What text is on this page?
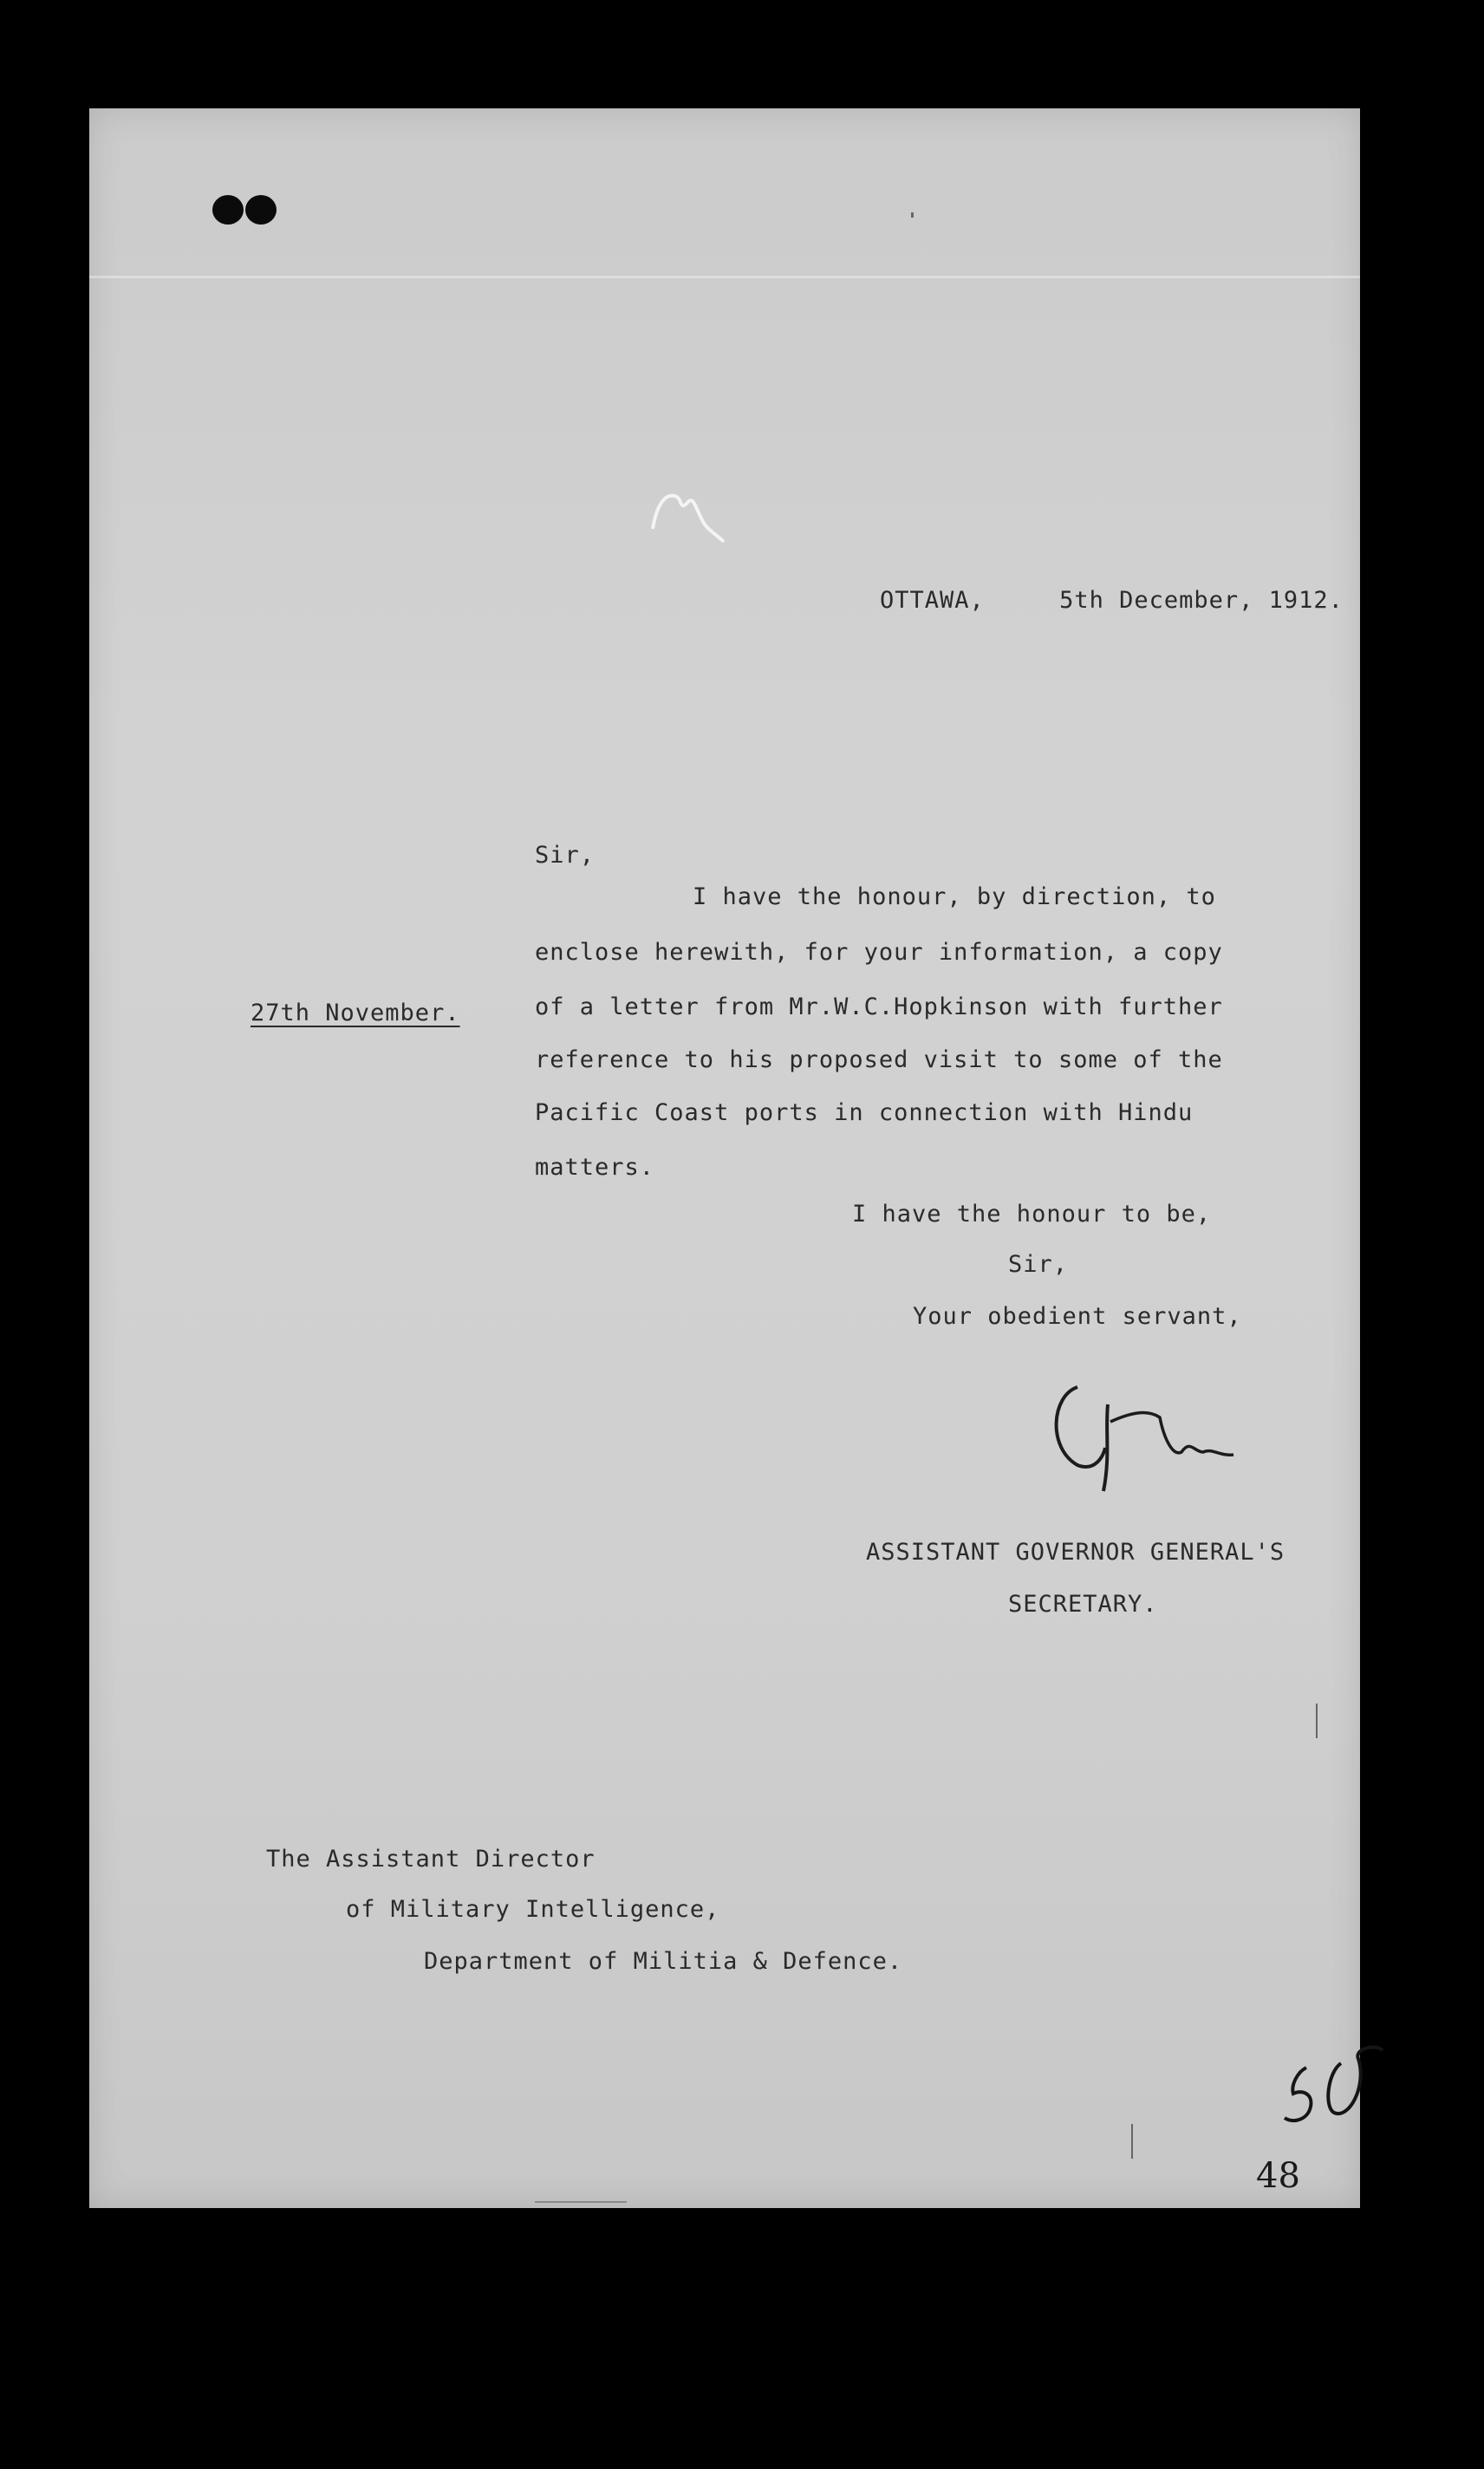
OTTAWA,     5th December, 1912.
Sir,
I have the honour, by direction, to
enclose herewith, for your information, a copy
of a letter from Mr.W.C.Hopkinson with further
reference to his proposed visit to some of the
Pacific Coast ports in connection with Hindu
matters.
27th November.
I have the honour to be,
Sir,
Your obedient servant,
ASSISTANT GOVERNOR GENERAL'S
SECRETARY.
The Assistant Director
of Military Intelligence,
Department of Militia & Defence.
48
